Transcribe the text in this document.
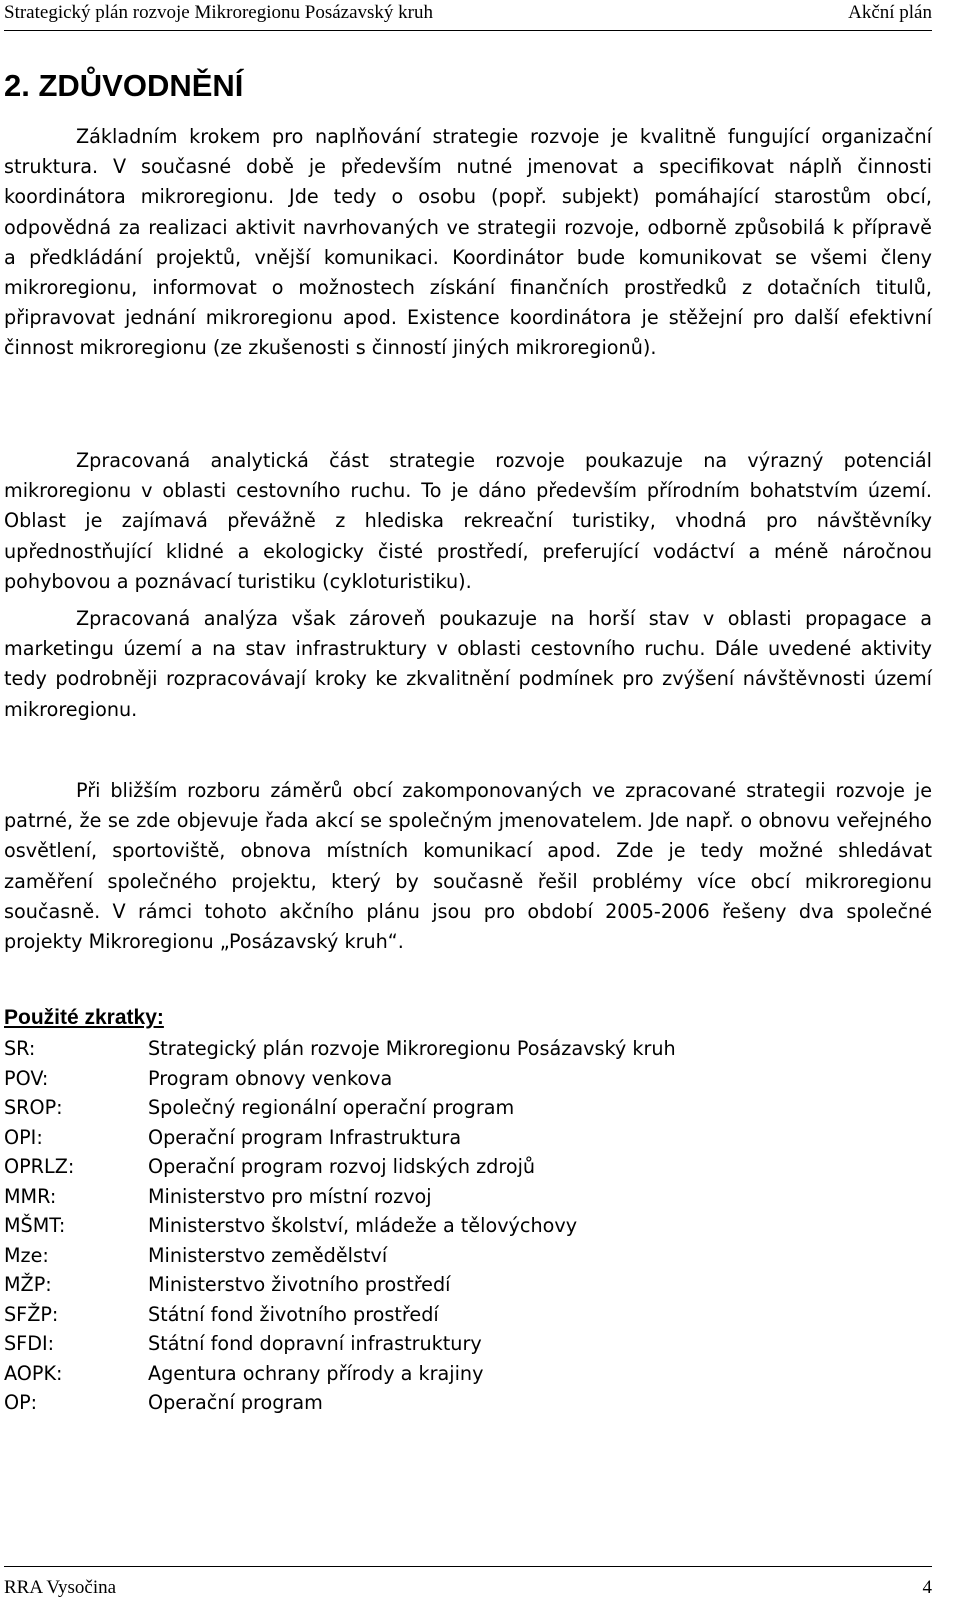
Strategický plán rozvoje Mikroregionu Posázavský kruh	Akční plán
2. ZDŮVODNĚNÍ

Základním krokem pro naplňování strategie rozvoje je kvalitně fungující organizační struktura. V současné době je především nutné jmenovat a specifikovat náplň činnosti koordinátora mikroregionu. Jde tedy o osobu (popř. subjekt) pomáhající starostům obcí, odpovědná za realizaci aktivit navrhovaných ve strategii rozvoje, odborně způsobilá k přípravě a předkládání projektů, vnější komunikaci. Koordinátor bude komunikovat se všemi členy mikroregionu, informovat o možnostech získání finančních prostředků z dotačních titulů, připravovat jednání mikroregionu apod. Existence koordinátora je stěžejní pro další efektivní činnost mikroregionu (ze zkušenosti s činností jiných mikroregionů).

Zpracovaná analytická část strategie rozvoje poukazuje na výrazný potenciál mikroregionu v oblasti cestovního ruchu. To je dáno především přírodním bohatstvím území. Oblast je zajímavá převážně z hlediska rekreační turistiky, vhodná pro návštěvníky upřednostňující klidné a ekologicky čisté prostředí, preferující vodáctví a méně náročnou pohybovou a poznávací turistiku (cykloturistiku).

Zpracovaná analýza však zároveň poukazuje na horší stav v oblasti propagace a marketingu území a na stav infrastruktury v oblasti cestovního ruchu. Dále uvedené aktivity tedy podrobněji rozpracovávají kroky ke zkvalitnění podmínek pro zvýšení návštěvnosti území mikroregionu.

Při bližším rozboru záměrů obcí zakomponovaných ve zpracované strategii rozvoje je patrné, že se zde objevuje řada akcí se společným jmenovatelem. Jde např. o obnovu veřejného osvětlení, sportoviště, obnova místních komunikací apod. Zde je tedy možné shledávat zaměření společného projektu, který by současně řešil problémy více obcí mikroregionu současně. V rámci tohoto akčního plánu jsou pro období 2005-2006 řešeny dva společné projekty Mikroregionu „Posázavský kruh“.

Použité zkratky:
SR:	Strategický plán rozvoje Mikroregionu Posázavský kruh
POV:	Program obnovy venkova
SROP:	Společný regionální operační program
OPI:	Operační program Infrastruktura
OPRLZ:	Operační program rozvoj lidských zdrojů
MMR:	Ministerstvo pro místní rozvoj
MŠMT:	Ministerstvo školství, mládeže a tělovýchovy
Mze:	Ministerstvo zemědělství
MŽP:	Ministerstvo životního prostředí
SFŽP:	Státní fond životního prostředí
SFDI:	Státní fond dopravní infrastruktury
AOPK:	Agentura ochrany přírody a krajiny
OP:	Operační program
RRA Vysočina	4
